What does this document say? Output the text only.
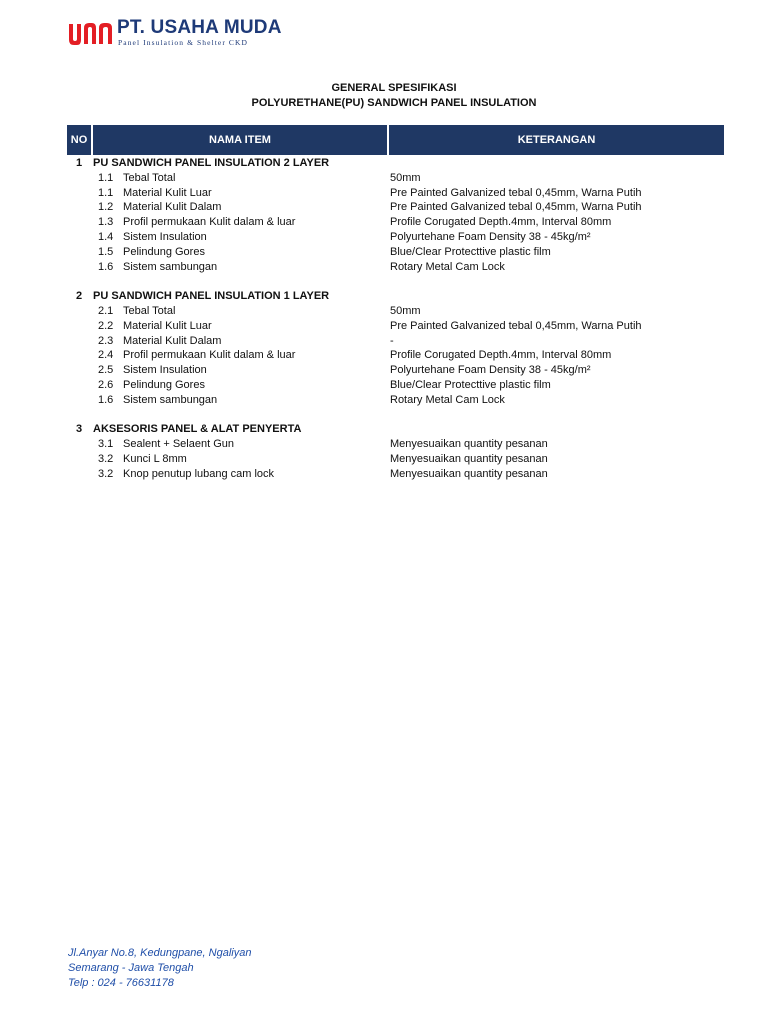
PT. USAHA MUDA
Panel Insulation & Shelter CKD
GENERAL SPESIFIKASI
POLYURETHANE(PU) SANDWICH PANEL INSULATION
NO	NAMA ITEM	KETERANGAN
1 PU SANDWICH PANEL INSULATION 2 LAYER
1.1 Tebal Total	50mm
1.1 Material Kulit Luar	Pre Painted Galvanized tebal 0,45mm, Warna Putih
1.2 Material Kulit Dalam	Pre Painted Galvanized tebal 0,45mm, Warna Putih
1.3 Profil permukaan Kulit dalam & luar	Profile Corugated Depth.4mm, Interval 80mm
1.4 Sistem Insulation	Polyurtehane Foam Density 38 - 45kg/m²
1.5 Pelindung Gores	Blue/Clear Protecttive plastic film
1.6 Sistem sambungan	Rotary Metal Cam Lock
2 PU SANDWICH PANEL INSULATION 1 LAYER
2.1 Tebal Total	50mm
2.2 Material Kulit Luar	Pre Painted Galvanized tebal 0,45mm, Warna Putih
2.3 Material Kulit Dalam	-
2.4 Profil permukaan Kulit dalam & luar	Profile Corugated Depth.4mm, Interval 80mm
2.5 Sistem Insulation	Polyurtehane Foam Density 38 - 45kg/m²
2.6 Pelindung Gores	Blue/Clear Protecttive plastic film
1.6 Sistem sambungan	Rotary Metal Cam Lock
3 AKSESORIS PANEL & ALAT PENYERTA
3.1 Sealent + Selaent Gun	Menyesuaikan quantity pesanan
3.2 Kunci L 8mm	Menyesuaikan quantity pesanan
3.2 Knop penutup lubang cam lock	Menyesuaikan quantity pesanan
Jl.Anyar No.8, Kedungpane, Ngaliyan
Semarang - Jawa Tengah
Telp : 024 - 76631178
